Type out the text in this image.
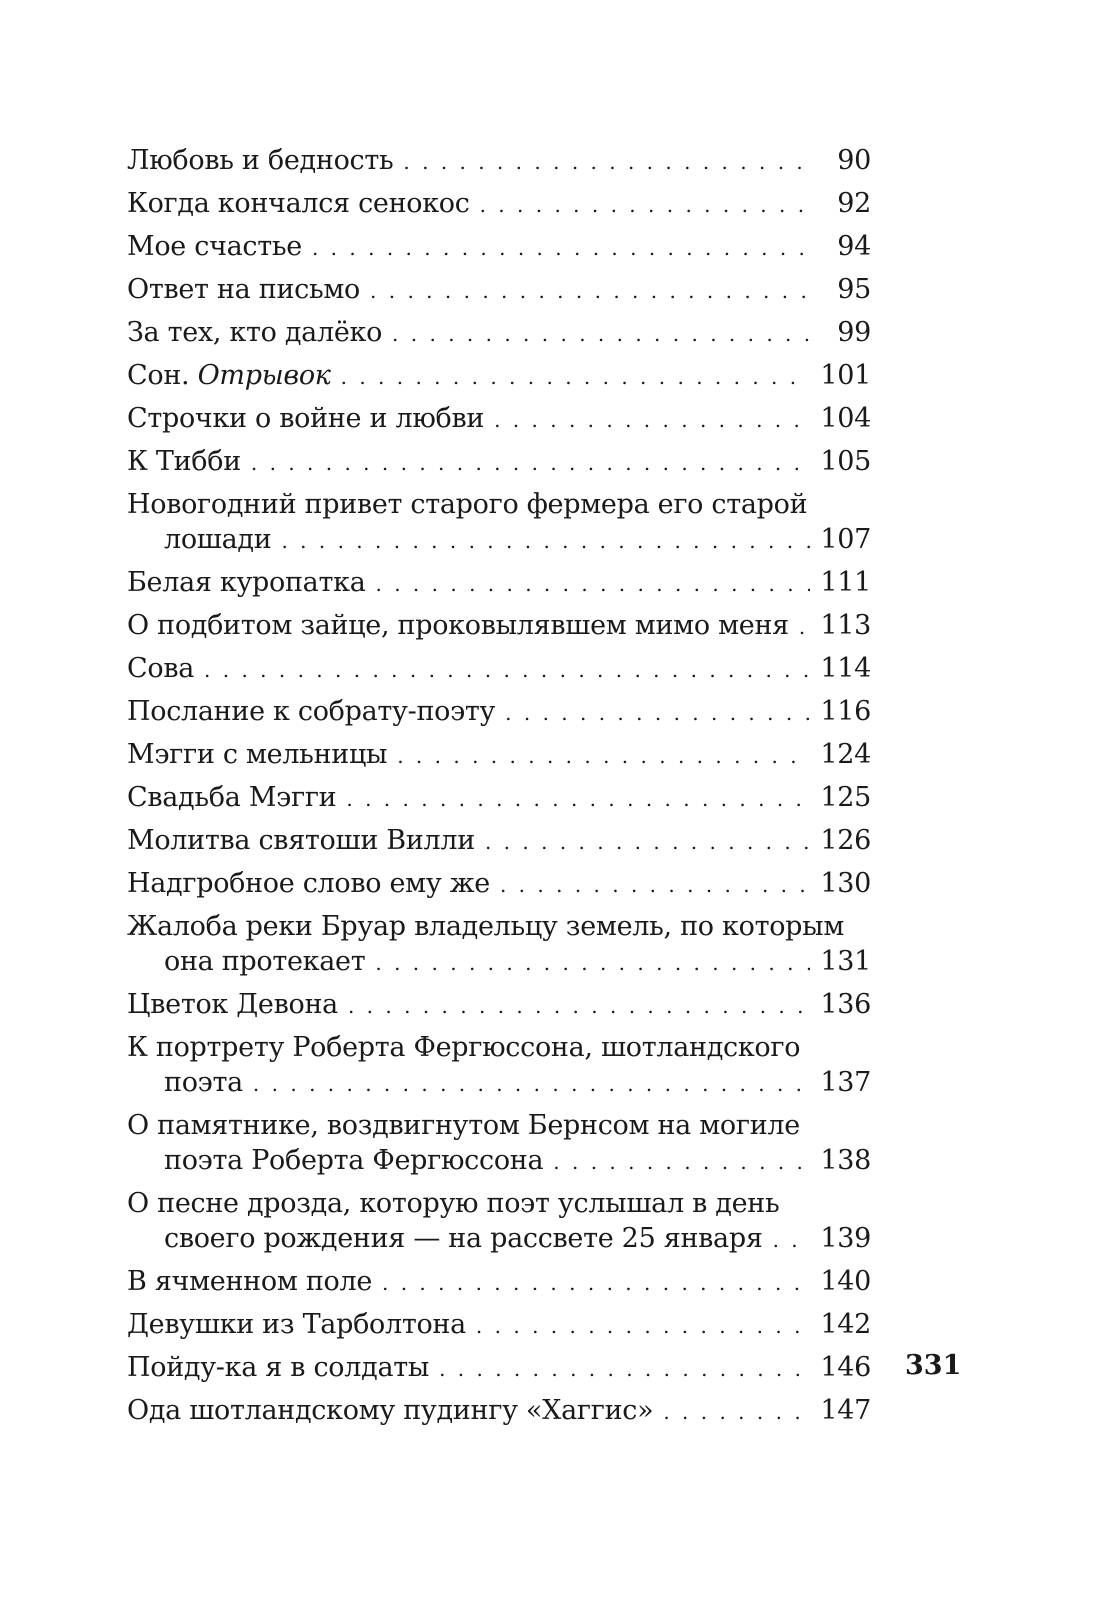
Любовь и бедность . . .	90
Когда кончался сенокос . . .	92
Мое счастье . . .	94
Ответ на письмо . . .	95
За тех, кто далёко . . .	99
Сон. Отрывок . . .	101
Строчки о войне и любви . . .	104
К Тибби . . .	105
Новогодний привет старого фермера его старой
лошади . . .	107
Белая куропатка . . .	111
О подбитом зайце, проковылявшем мимо меня . . . 113
Сова . . .	114
Послание к собрату-поэту . . .	116
Мэгги с мельницы . . .	124
Свадьба Мэгги . . .	125
Молитва святоши Вилли . . .	126
Надгробное слово ему же . . .	130
Жалоба реки Бруар владельцу земель, по которым
она протекает . . .	131
Цветок Девона . . .	136
К портрету Роберта Фергюссона, шотландского
поэта . . .	137
О памятнике, воздвигнутом Бернсом на могиле
поэта Роберта Фергюссона . . .	138
О песне дрозда, которую поэт услышал в день
своего рождения — на рассвете 25 января . . . 139
В ячменном поле . . .	140
Девушки из Тарболтона . . .	142
Пойду-ка я в солдаты . . .	146
Ода шотландскому пудингу «Хаггис» . . .	147
331
